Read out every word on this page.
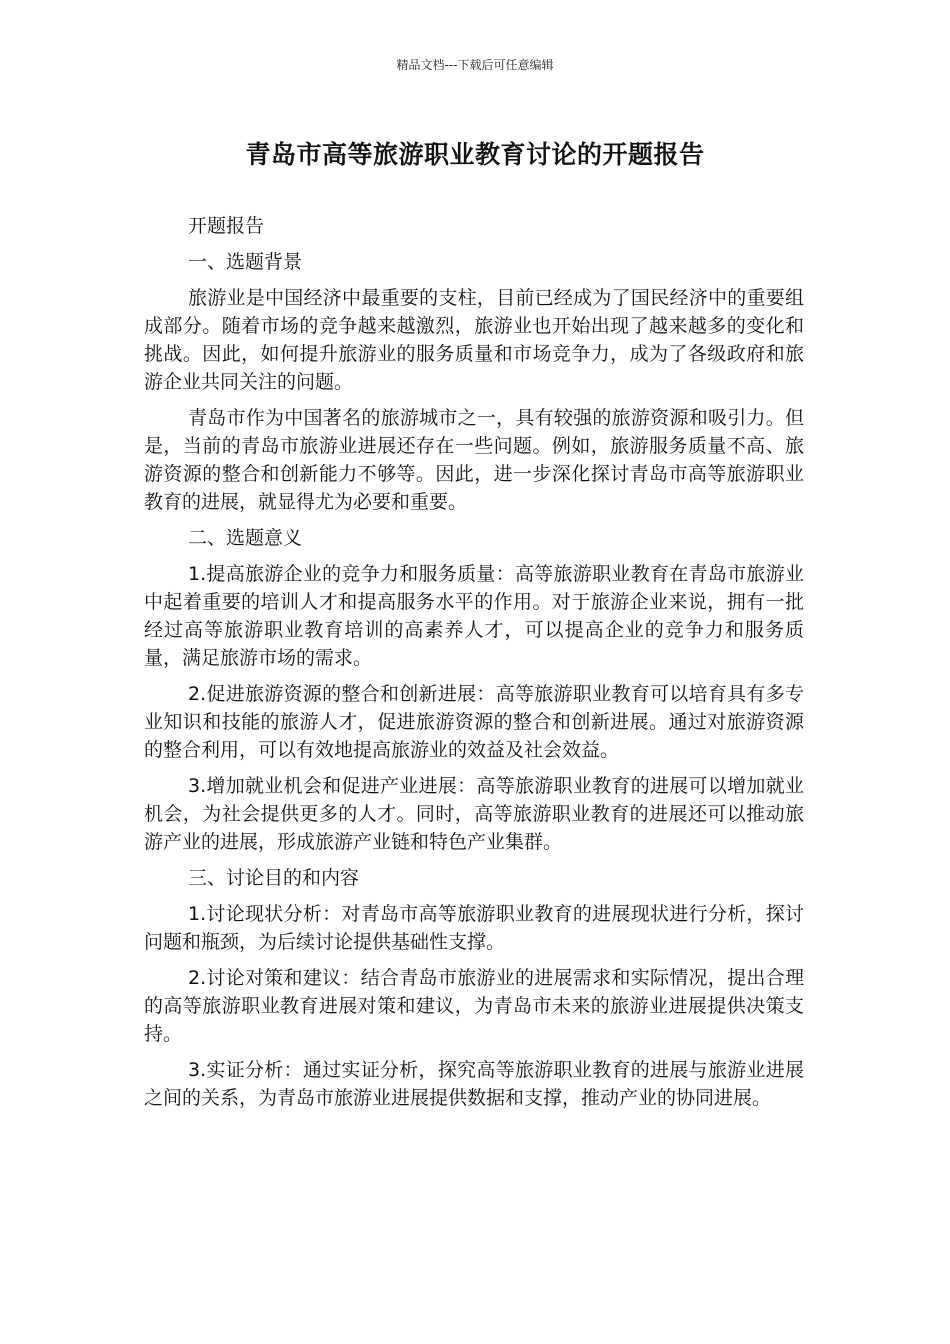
精品文档---下载后可任意编辑
青岛市高等旅游职业教育讨论的开题报告

开题报告

一、选题背景

旅游业是中国经济中最重要的支柱，目前已经成为了国民经济中的重要组成部分。随着市场的竞争越来越激烈，旅游业也开始出现了越来越多的变化和挑战。因此，如何提升旅游业的服务质量和市场竞争力，成为了各级政府和旅游企业共同关注的问题。

青岛市作为中国著名的旅游城市之一，具有较强的旅游资源和吸引力。但是，当前的青岛市旅游业进展还存在一些问题。例如，旅游服务质量不高、旅游资源的整合和创新能力不够等。因此，进一步深化探讨青岛市高等旅游职业教育的进展，就显得尤为必要和重要。

二、选题意义

1.提高旅游企业的竞争力和服务质量：高等旅游职业教育在青岛市旅游业中起着重要的培训人才和提高服务水平的作用。对于旅游企业来说，拥有一批经过高等旅游职业教育培训的高素养人才，可以提高企业的竞争力和服务质量，满足旅游市场的需求。

2.促进旅游资源的整合和创新进展：高等旅游职业教育可以培育具有多专业知识和技能的旅游人才，促进旅游资源的整合和创新进展。通过对旅游资源的整合利用，可以有效地提高旅游业的效益及社会效益。

3.增加就业机会和促进产业进展：高等旅游职业教育的进展可以增加就业机会，为社会提供更多的人才。同时，高等旅游职业教育的进展还可以推动旅游产业的进展，形成旅游产业链和特色产业集群。

三、讨论目的和内容

1.讨论现状分析：对青岛市高等旅游职业教育的进展现状进行分析，探讨问题和瓶颈，为后续讨论提供基础性支撑。

2.讨论对策和建议：结合青岛市旅游业的进展需求和实际情况，提出合理的高等旅游职业教育进展对策和建议，为青岛市未来的旅游业进展提供决策支持。

3.实证分析：通过实证分析，探究高等旅游职业教育的进展与旅游业进展之间的关系，为青岛市旅游业进展提供数据和支撑，推动产业的协同进展。
